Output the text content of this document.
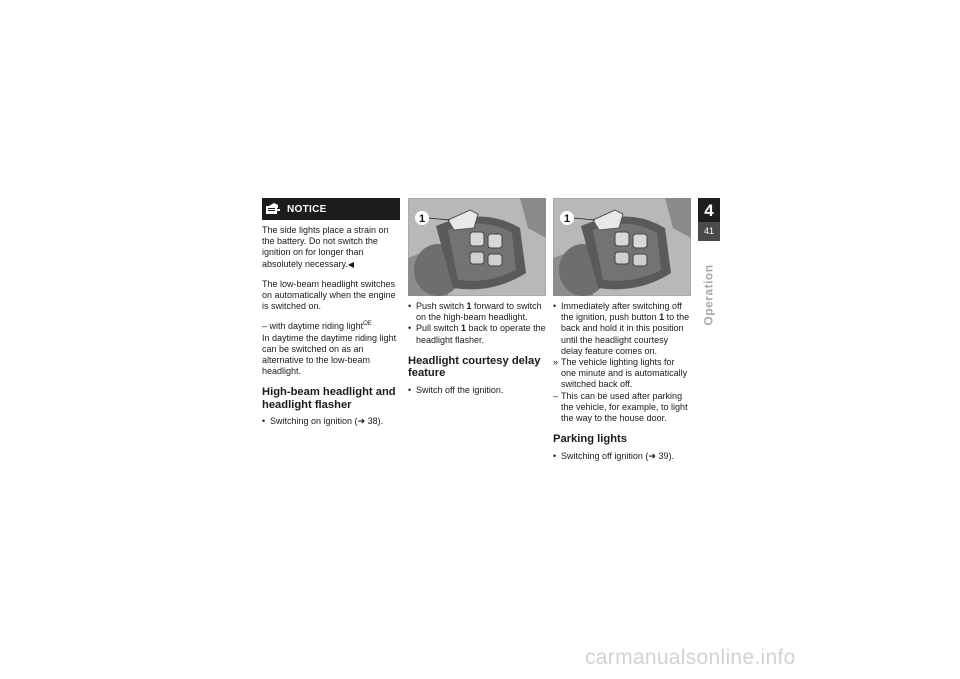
NOTICE

The side lights place a strain on the battery. Do not switch the ignition on for longer than absolutely necessary.◀

The low-beam headlight switches on automatically when the engine is switched on.

– with daytime riding light$^{OE}$

In daytime the daytime riding light can be switched on as an alternative to the low-beam headlight.

High-beam headlight and headlight flasher
• Switching on ignition (➜ 38).
1
• Push switch 1 forward to switch on the high-beam headlight.
• Pull switch 1 back to operate the headlight flasher.
Headlight courtesy delay feature
• Switch off the ignition.
1
• Immediately after switching off the ignition, push button 1 to the back and hold it in this position until the headlight courtesy delay feature comes on.
» The vehicle lighting lights for one minute and is automatically switched back off.
– This can be used after parking the vehicle, for example, to light the way to the house door.
Parking lights
• Switching off ignition (➜ 39).
4
41
Operation
carmanualsonline.info
